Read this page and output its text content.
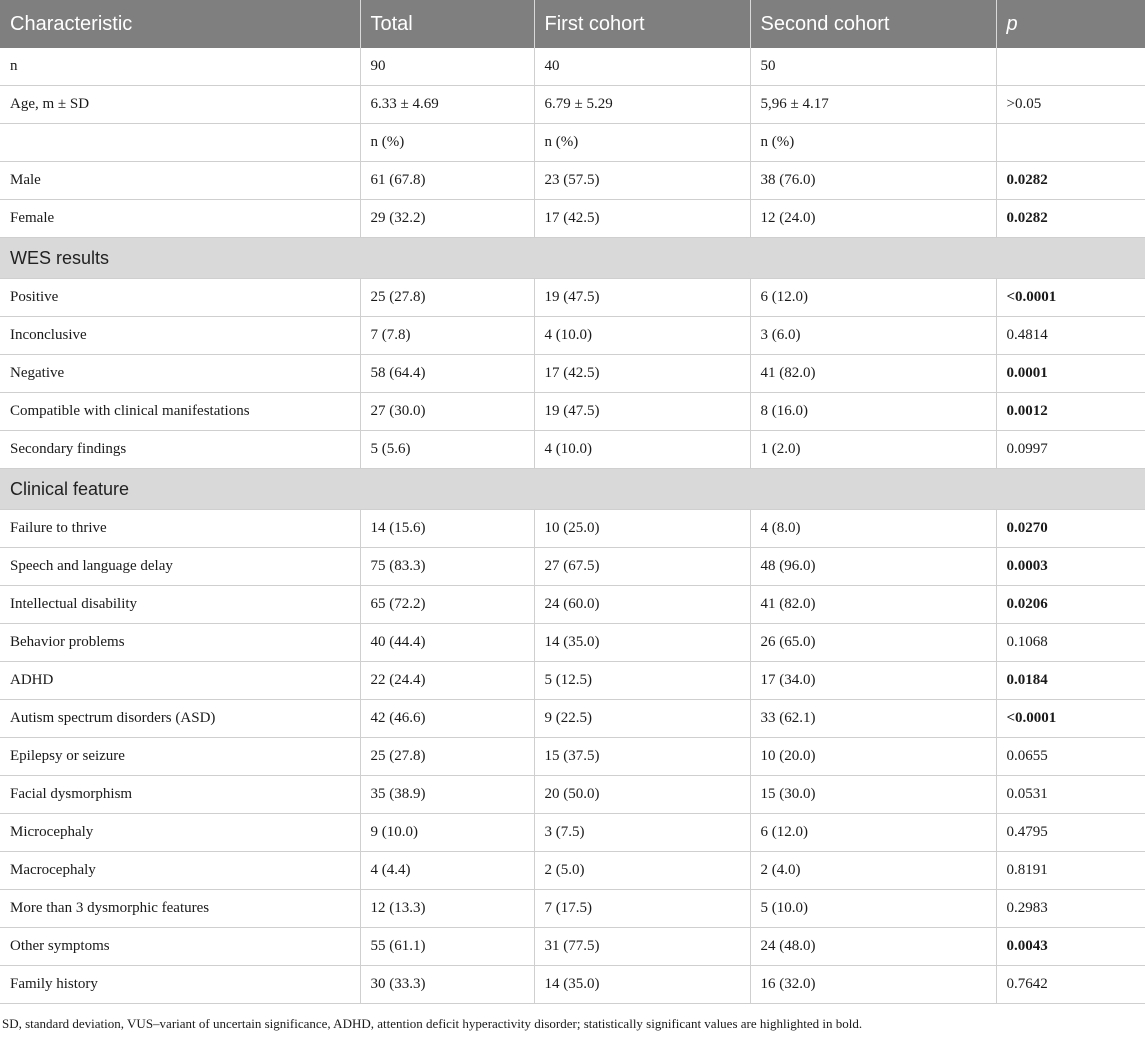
Characteristic	Total	First cohort	Second cohort	p
n	90	40	50	
Age, m ± SD	6.33 ± 4.69	6.79 ± 5.29	5,96 ± 4.17	>0.05
	n (%)	n (%)	n (%)	
Male	61 (67.8)	23 (57.5)	38 (76.0)	0.0282
Female	29 (32.2)	17 (42.5)	12 (24.0)	0.0282
WES results				
Positive	25 (27.8)	19 (47.5)	6 (12.0)	<0.0001
Inconclusive	7 (7.8)	4 (10.0)	3 (6.0)	0.4814
Negative	58 (64.4)	17 (42.5)	41 (82.0)	0.0001
Compatible with clinical manifestations	27 (30.0)	19 (47.5)	8 (16.0)	0.0012
Secondary findings	5 (5.6)	4 (10.0)	1 (2.0)	0.0997
Clinical feature				
Failure to thrive	14 (15.6)	10 (25.0)	4 (8.0)	0.0270
Speech and language delay	75 (83.3)	27 (67.5)	48 (96.0)	0.0003
Intellectual disability	65 (72.2)	24 (60.0)	41 (82.0)	0.0206
Behavior problems	40 (44.4)	14 (35.0)	26 (65.0)	0.1068
ADHD	22 (24.4)	5 (12.5)	17 (34.0)	0.0184
Autism spectrum disorders (ASD)	42 (46.6)	9 (22.5)	33 (62.1)	<0.0001
Epilepsy or seizure	25 (27.8)	15 (37.5)	10 (20.0)	0.0655
Facial dysmorphism	35 (38.9)	20 (50.0)	15 (30.0)	0.0531
Microcephaly	9 (10.0)	3 (7.5)	6 (12.0)	0.4795
Macrocephaly	4 (4.4)	2 (5.0)	2 (4.0)	0.8191
More than 3 dysmorphic features	12 (13.3)	7 (17.5)	5 (10.0)	0.2983
Other symptoms	55 (61.1)	31 (77.5)	24 (48.0)	0.0043
Family history	30 (33.3)	14 (35.0)	16 (32.0)	0.7642
SD, standard deviation, VUS–variant of uncertain significance, ADHD, attention deficit hyperactivity disorder; statistically significant values are highlighted in bold.
